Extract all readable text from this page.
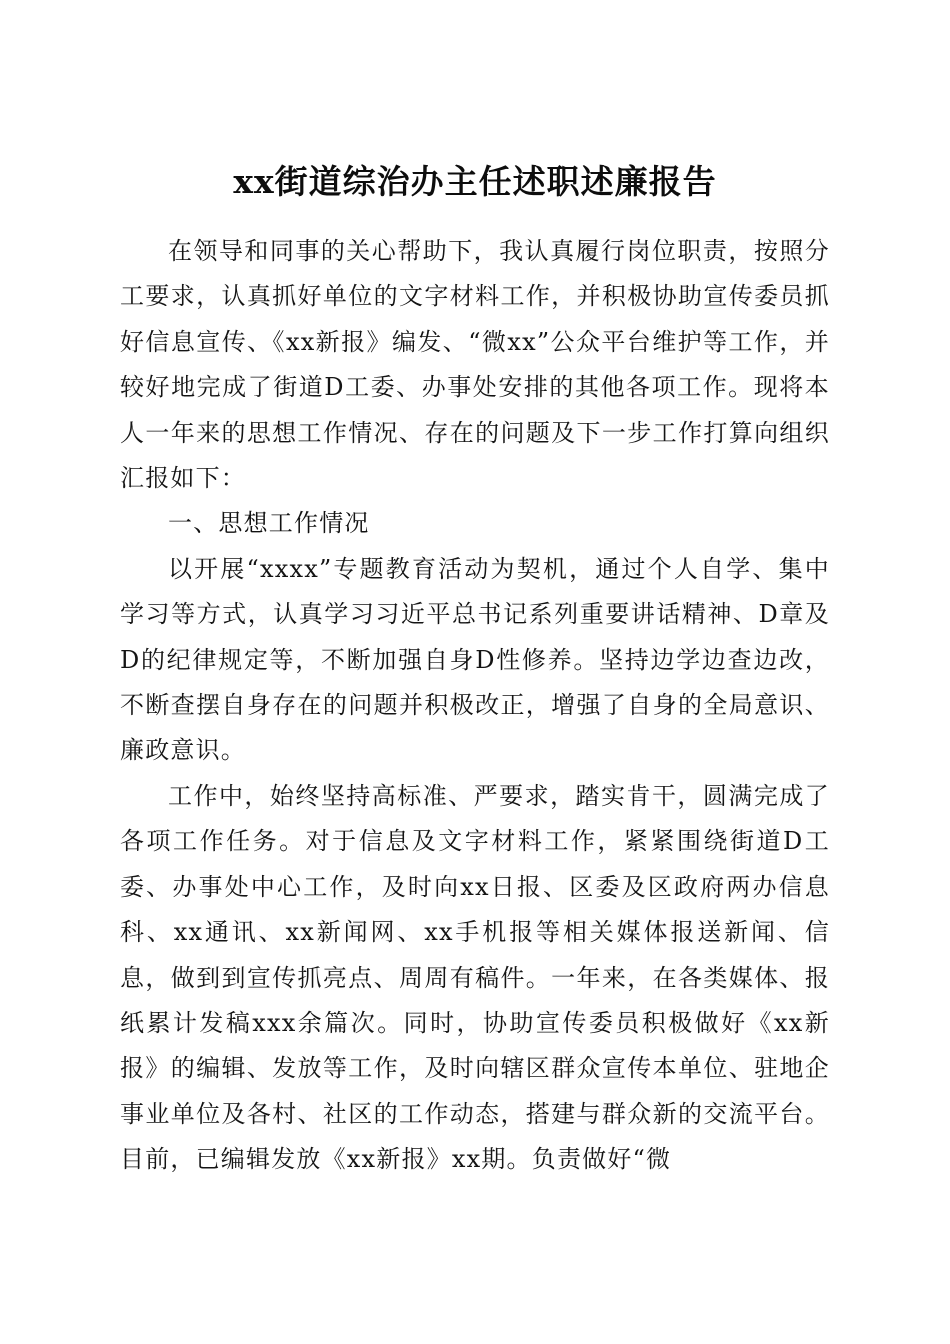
xx街道综治办主任述职述廉报告

在领导和同事的关心帮助下，我认真履行岗位职责，按照分工要求，认真抓好单位的文字材料工作，并积极协助宣传委员抓好信息宣传、《xx新报》编发、“微xx”公众平台维护等工作，并较好地完成了街道D工委、办事处安排的其他各项工作。现将本人一年来的思想工作情况、存在的问题及下一步工作打算向组织汇报如下：

一、思想工作情况

以开展“xxxx”专题教育活动为契机，通过个人自学、集中学习等方式，认真学习习近平总书记系列重要讲话精神、D章及D的纪律规定等，不断加强自身D性修养。坚持边学边查边改，不断查摆自身存在的问题并积极改正，增强了自身的全局意识、廉政意识。

工作中，始终坚持高标准、严要求，踏实肯干，圆满完成了各项工作任务。对于信息及文字材料工作，紧紧围绕街道D工委、办事处中心工作，及时向xx日报、区委及区政府两办信息科、xx通讯、xx新闻网、xx手机报等相关媒体报送新闻、信息，做到到宣传抓亮点、周周有稿件。一年来，在各类媒体、报纸累计发稿xxx余篇次。同时，协助宣传委员积极做好《xx新报》的编辑、发放等工作，及时向辖区群众宣传本单位、驻地企事业单位及各村、社区的工作动态，搭建与群众新的交流平台。目前，已编辑发放《xx新报》xx期。负责做好“微
